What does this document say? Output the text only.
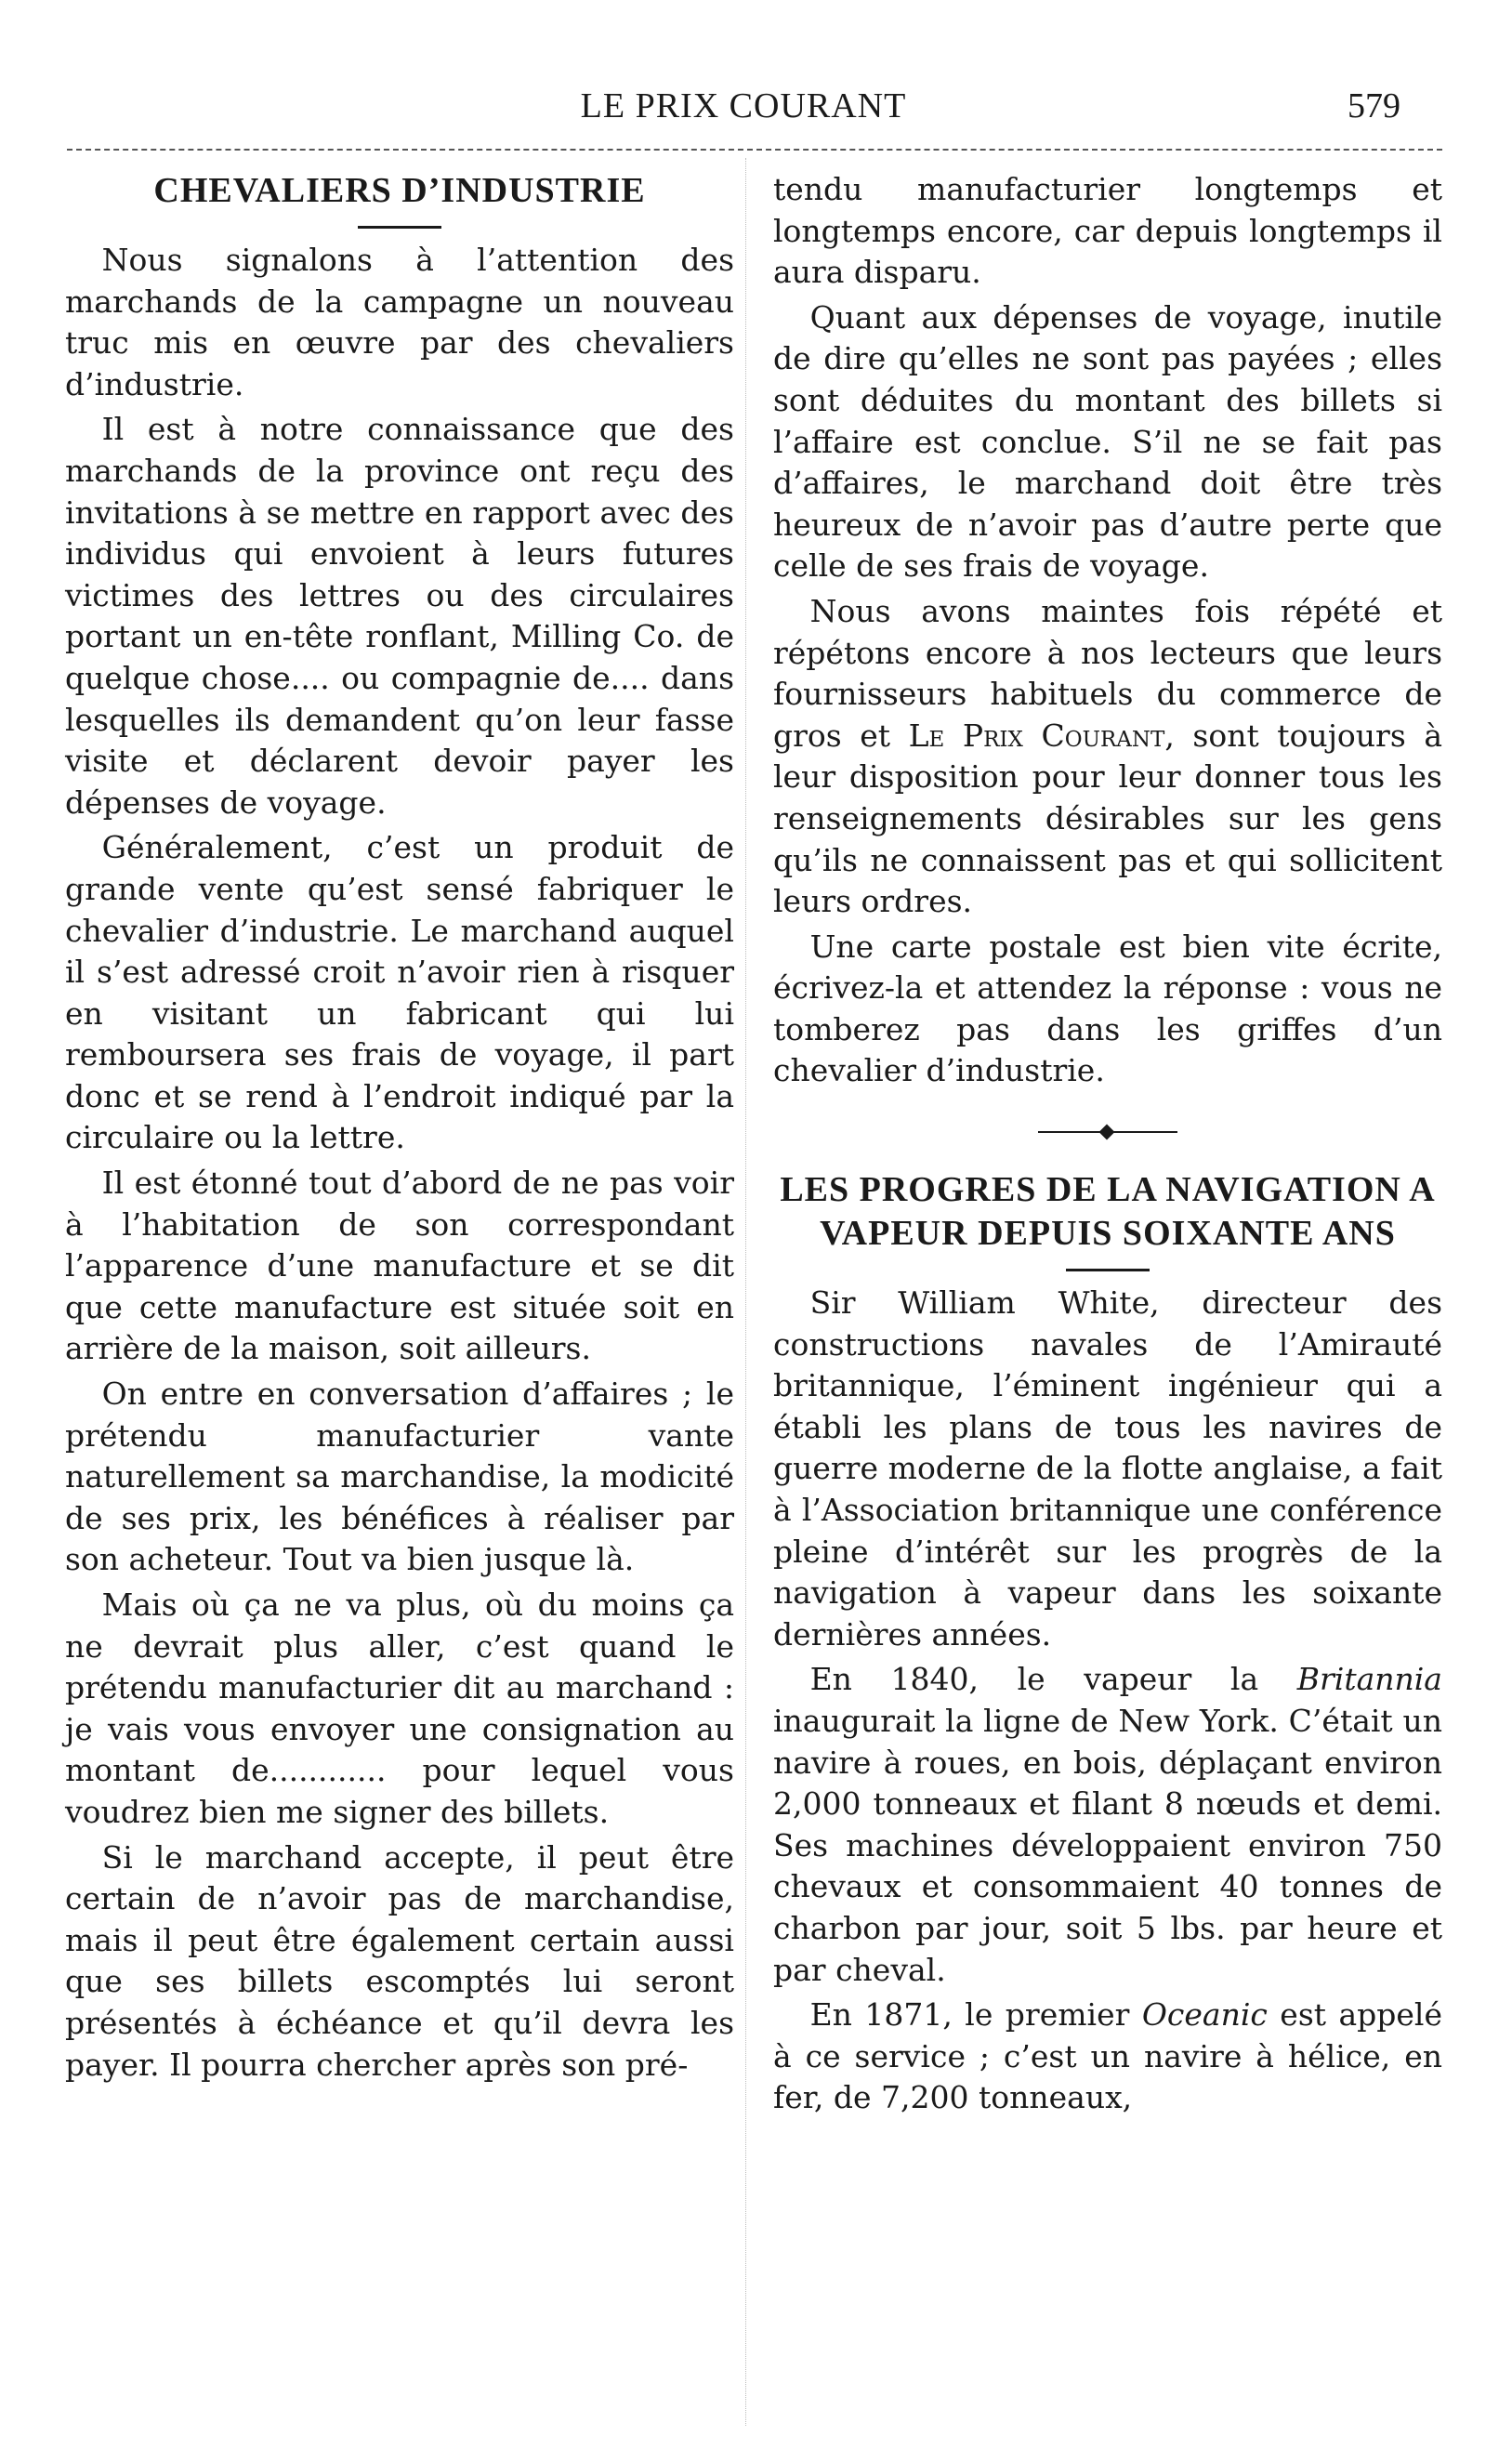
LE PRIX COURANT	579
CHEVALIERS D’INDUSTRIE

Nous signalons à l’attention des marchands de la campagne un nouveau truc mis en œuvre par des chevaliers d’industrie.

Il est à notre connaissance que des marchands de la province ont reçu des invitations à se mettre en rapport avec des individus qui envoient à leurs futures victimes des lettres ou des circulaires portant un en-tête ronflant, Milling Co. de quelque chose.... ou compagnie de.... dans lesquelles ils demandent qu’on leur fasse visite et déclarent devoir payer les dépenses de voyage.

Généralement, c’est un produit de grande vente qu’est sensé fabriquer le chevalier d’industrie. Le marchand auquel il s’est adressé croit n’avoir rien à risquer en visitant un fabricant qui lui remboursera ses frais de voyage, il part donc et se rend à l’endroit indiqué par la circulaire ou la lettre.

Il est étonné tout d’abord de ne pas voir à l’habitation de son correspondant l’apparence d’une manufacture et se dit que cette manufacture est située soit en arrière de la maison, soit ailleurs.

On entre en conversation d’affaires ; le prétendu manufacturier vante naturellement sa marchandise, la modicité de ses prix, les bénéfices à réaliser par son acheteur. Tout va bien jusque là.

Mais où ça ne va plus, où du moins ça ne devrait plus aller, c’est quand le prétendu manufacturier dit au marchand : je vais vous envoyer une consignation au montant de............ pour lequel vous voudrez bien me signer des billets.

Si le marchand accepte, il peut être certain de n’avoir pas de marchandise, mais il peut être également certain aussi que ses billets escomptés lui seront présentés à échéance et qu’il devra les payer. Il pourra chercher après son pré-

tendu manufacturier longtemps et longtemps encore, car depuis longtemps il aura disparu.

Quant aux dépenses de voyage, inutile de dire qu’elles ne sont pas payées ; elles sont déduites du montant des billets si l’affaire est conclue. S’il ne se fait pas d’affaires, le marchand doit être très heureux de n’avoir pas d’autre perte que celle de ses frais de voyage.

Nous avons maintes fois répété et répétons encore à nos lecteurs que leurs fournisseurs habituels du commerce de gros et Le Prix Courant, sont toujours à leur disposition pour leur donner tous les renseignements désirables sur les gens qu’ils ne connaissent pas et qui sollicitent leurs ordres.

Une carte postale est bien vite écrite, écrivez-la et attendez la réponse : vous ne tomberez pas dans les griffes d’un chevalier d’industrie.

LES PROGRES DE LA NAVIGATION A VAPEUR DEPUIS SOIXANTE ANS

Sir William White, directeur des constructions navales de l’Amirauté britannique, l’éminent ingénieur qui a établi les plans de tous les navires de guerre moderne de la flotte anglaise, a fait à l’Association britannique une conférence pleine d’intérêt sur les progrès de la navigation à vapeur dans les soixante dernières années.

En 1840, le vapeur la Britannia inaugurait la ligne de New York. C’était un navire à roues, en bois, déplaçant environ 2,000 tonneaux et filant 8 nœuds et demi. Ses machines développaient environ 750 chevaux et consommaient 40 tonnes de charbon par jour, soit 5 lbs. par heure et par cheval.

En 1871, le premier Oceanic est appelé à ce service ; c’est un navire à hélice, en fer, de 7,200 tonneaux,
